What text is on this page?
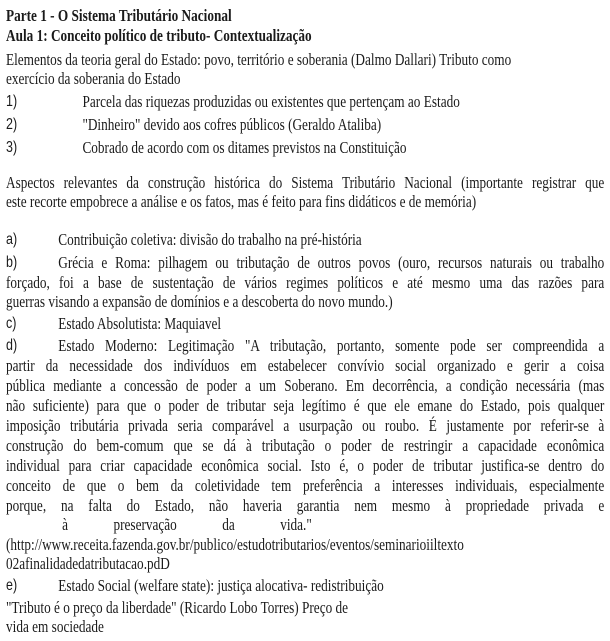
Parte 1 - O Sistema Tributário Nacional
Aula 1: Conceito político de tributo- Contextualização
Elementos da teoria geral do Estado: povo, território e soberania (Dalmo Dallari) Tributo como
exercício da soberania do Estado
1)	Parcela das riquezas produzidas ou existentes que pertençam ao Estado
2)	"Dinheiro" devido aos cofres públicos (Geraldo Ataliba)
3)	Cobrado de acordo com os ditames previstos na Constituição
Aspectos relevantes da construção histórica do Sistema Tributário Nacional (importante registrar que
este recorte empobrece a análise e os fatos, mas é feito para fins didáticos e de memória)
a) Contribuição coletiva: divisão do trabalho na pré-história
Grécia e Roma: pilhagem ou tributação de outros povos (ouro, recursos naturais ou trabalho
b)
forçado, foi a base de sustentação de vários regimes políticos e até mesmo uma das razões para
guerras visando a expansão de domínios e a descoberta do novo mundo.)
c) Estado Absolutista: Maquiavel
d) Estado Moderno: Legitimação "A tributação, portanto, somente pode ser compreendida a
partir da necessidade dos indivíduos em estabelecer convívio social organizado e gerir a coisa
pública mediante a concessão de poder a um Soberano. Em decorrência, a condição necessária (mas
não suficiente) para que o poder de tributar seja legítimo é que ele emane do Estado, pois qualquer
imposição tributária privada seria comparável a usurpação ou roubo. É justamente por referir-se à
construção do bem-comum que se dá à tributação o poder de restringir a capacidade econômica
individual para criar capacidade econômica social. Isto é, o poder de tributar justifica-se dentro do
conceito de que o bem da coletividade tem preferência a interesses individuais, especialmente
porque, na falta do Estado, não haveria garantia nem mesmo à propriedade privada e
à preservação da vida."
(http://www.receita.fazenda.gov.br/publico/estudotributarios/eventos/seminarioiiltexto
02afinalidadedatributacao.pdD
e) Estado Social (welfare state): justiça alocativa- redistribuição
"Tributo é o preço da liberdade" (Ricardo Lobo Torres) Preço de
vida em sociedade
